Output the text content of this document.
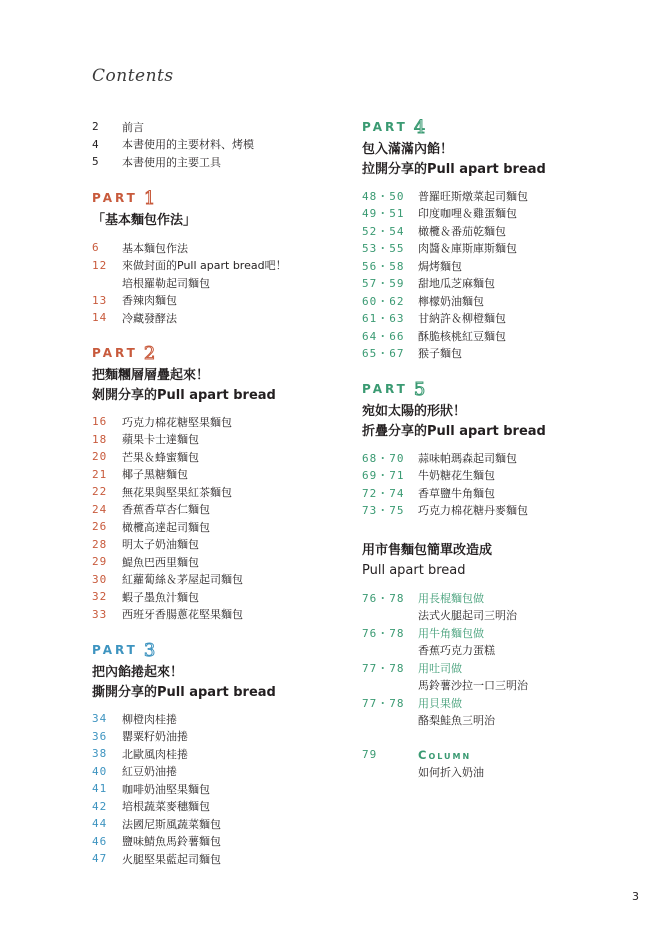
Contents
2	前言
4	本書使用的主要材料、烤模
5	本書使用的主要工具
PART 1
「基本麵包作法」
6	基本麵包作法
12	來做封面的Pull apart bread吧！
培根羅勒起司麵包
13	香辣肉麵包
14	冷藏發酵法
PART 2
把麵糰層層疊起來！
剝開分享的Pull apart bread
16	巧克力棉花糖堅果麵包
18	蘋果卡士達麵包
20	芒果＆蜂蜜麵包
21	椰子黑糖麵包
22	無花果與堅果紅茶麵包
24	香蕉香草杏仁麵包
26	橄欖高達起司麵包
28	明太子奶油麵包
29	鯷魚巴西里麵包
30	紅蘿蔔絲＆茅屋起司麵包
32	蝦子墨魚汁麵包
33	西班牙香腸蔥花堅果麵包
PART 3
把內餡捲起來！
撕開分享的Pull apart bread
34	柳橙肉桂捲
36	罌粟籽奶油捲
38	北歐風肉桂捲
40	紅豆奶油捲
41	咖啡奶油堅果麵包
42	培根蔬菜麥穗麵包
44	法國尼斯風蔬菜麵包
46	鹽味鯖魚馬鈴薯麵包
47	火腿堅果藍起司麵包
PART 4
包入滿滿內餡！
拉開分享的Pull apart bread
48・50	普羅旺斯燉菜起司麵包
49・51	印度咖哩＆雞蛋麵包
52・54	橄欖＆番茄乾麵包
53・55	肉醬＆庫斯庫斯麵包
56・58	焗烤麵包
57・59	甜地瓜芝麻麵包
60・62	檸檬奶油麵包
61・63	甘納許＆柳橙麵包
64・66	酥脆核桃紅豆麵包
65・67	猴子麵包
PART 5
宛如太陽的形狀！
折疊分享的Pull apart bread
68・70	蒜味帕瑪森起司麵包
69・71	牛奶糖花生麵包
72・74	香草鹽牛角麵包
73・75	巧克力棉花糖丹麥麵包
用市售麵包簡單改造成
Pull apart bread
76・78	用長棍麵包做
法式火腿起司三明治
76・78	用牛角麵包做
香蕉巧克力蛋糕
77・78	用吐司做
馬鈴薯沙拉一口三明治
77・78	用貝果做
酪梨鮭魚三明治
79	Column
如何折入奶油

3
